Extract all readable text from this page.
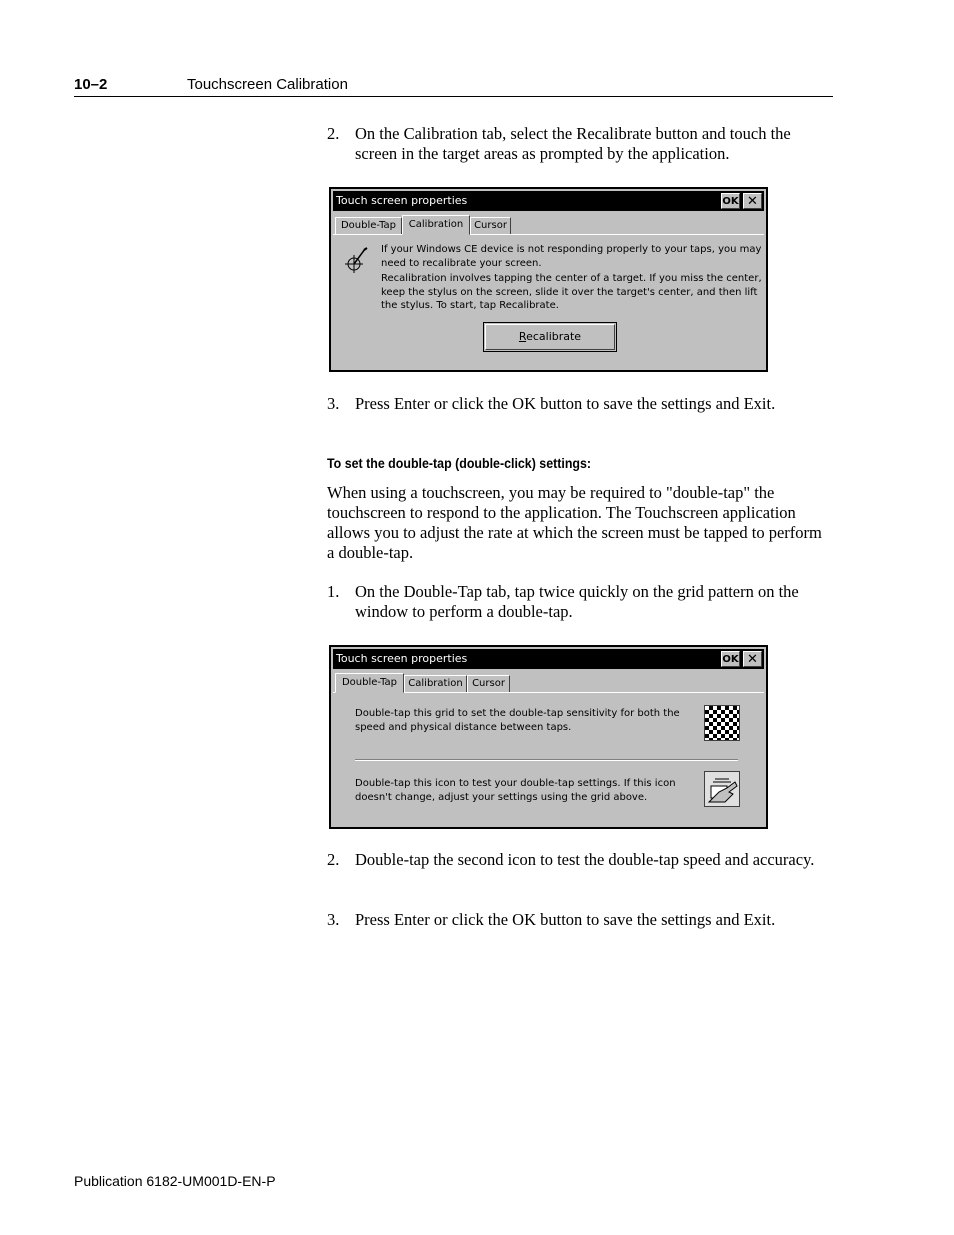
10–2	Touchscreen Calibration
2. On the Calibration tab, select the Recalibrate button and touch the screen in the target areas as prompted by the application.
Touch screen properties	OK ✕
Double-Tap	Calibration	Cursor
If your Windows CE device is not responding properly to your taps, you may need to recalibrate your screen.
Recalibration involves tapping the center of a target. If you miss the center, keep the stylus on the screen, slide it over the target's center, and then lift the stylus. To start, tap Recalibrate.
Recalibrate
3. Press Enter or click the OK button to save the settings and Exit.
To set the double-tap (double-click) settings:
When using a touchscreen, you may be required to "double-tap" the touchscreen to respond to the application. The Touchscreen application allows you to adjust the rate at which the screen must be tapped to perform a double-tap.
1. On the Double-Tap tab, tap twice quickly on the grid pattern on the window to perform a double-tap.
Touch screen properties	OK ✕
Double-Tap	Calibration Cursor
Double-tap this grid to set the double-tap sensitivity for both the speed and physical distance between taps.
Double-tap this icon to test your double-tap settings. If this icon doesn't change, adjust your settings using the grid above.
2. Double-tap the second icon to test the double-tap speed and accuracy.
3. Press Enter or click the OK button to save the settings and Exit.
Publication 6182-UM001D-EN-P
